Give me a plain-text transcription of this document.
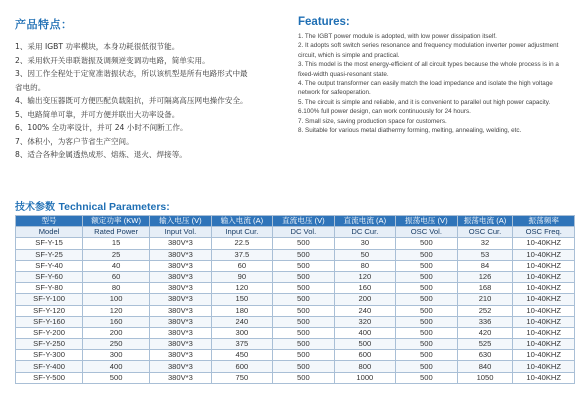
产品特点：
1、采用 IGBT 功率模块，本身功耗很低很节能。
2、采用软开关串联谐振及调频逆变调功电路，简单实用。
3、因工作全程处于定宽准谐振状态，所以该机型是所有电路形式中最
省电的。
4、输出变压器既可方便匹配负载阻抗，并可隔离高压网电操作安全。
5、电路简单可靠，并可方便并联出大功率设备。
6、100% 全功率设计，并可 24 小时不间断工作。
7、体积小，为客户节省生产空间。
8、适合各种金属透热成形、熔炼、退火、焊接等。
Features:
1. The IGBT power module is adopted, with low power dissipation itself.
2. It adopts soft switch series resonance and frequency modulation inverter power adjustment circuit, which is simple and practical.
3. This model is the most energy-efficient of all circuit types because the whole process is in a fixed-width quasi-resonant state.
4. The output transformer can easily match the load impedance and isolate the high voltage network for safeoperation.
5. The circuit is simple and reliable, and it is convenient to parallel out high power capacity.
6.100% full power design, can work continuously for 24 hours.
7. Small size, saving production space for customers.
8. Suitable for various metal diathermy forming, melting, annealing, welding, etc.
技术参数 Technical Parameters:
型号	额定功率 (KW)	输入电压 (V)	输入电流 (A)	直流电压 (V)	直流电流 (A)	振荡电压 (V)	振荡电流 (A)	振荡频率
Model	Rated Power	Input Vol.	Input Cur.	DC Vol.	DC Cur.	OSC Vol.	OSC Cur.	OSC Freq.
SF-Y-15	15	380V*3	22.5	500	30	500	32	10-40KHZ
SF-Y-25	25	380V*3	37.5	500	50	500	53	10-40KHZ
SF-Y-40	40	380V*3	60	500	80	500	84	10-40KHZ
SF-Y-60	60	380V*3	90	500	120	500	126	10-40KHZ
SF-Y-80	80	380V*3	120	500	160	500	168	10-40KHZ
SF-Y-100	100	380V*3	150	500	200	500	210	10-40KHZ
SF-Y-120	120	380V*3	180	500	240	500	252	10-40KHZ
SF-Y-160	160	380V*3	240	500	320	500	336	10-40KHZ
SF-Y-200	200	380V*3	300	500	400	500	420	10-40KHZ
SF-Y-250	250	380V*3	375	500	500	500	525	10-40KHZ
SF-Y-300	300	380V*3	450	500	600	500	630	10-40KHZ
SF-Y-400	400	380V*3	600	500	800	500	840	10-40KHZ
SF-Y-500	500	380V*3	750	500	1000	500	1050	10-40KHZ
